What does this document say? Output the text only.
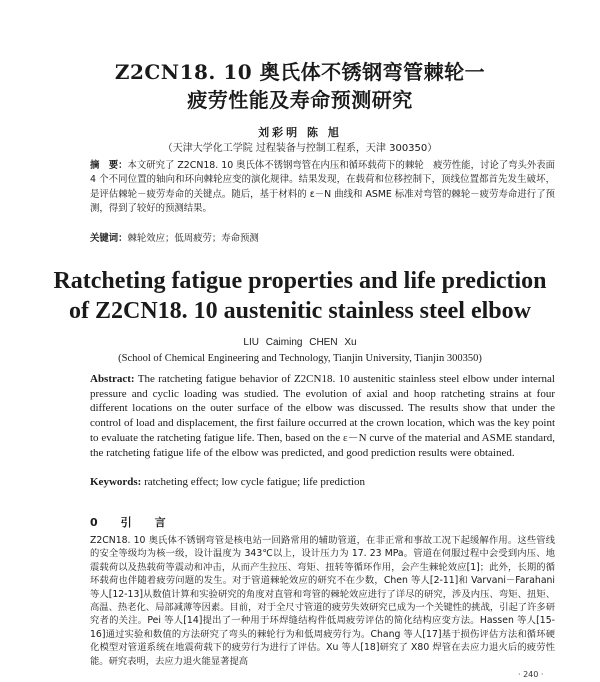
Z2CN18. 10 奥氏体不锈钢弯管棘轮一
疲劳性能及寿命预测研究
刘彩明 陈 旭
（天津大学化工学院 过程装备与控制工程系，天津 300350）
摘　要：本文研究了 Z2CN18. 10 奥氏体不锈钢弯管在内压和循环载荷下的棘轮　疲劳性能，讨论了弯头外表面 4 个不同位置的轴向和环向棘轮应变的演化规律。结果发现，在载荷和位移控制下，顶线位置都首先发生破坏，是评估棘轮－疲劳寿命的关键点。随后，基于材料的 ε－N 曲线和 ASME 标准对弯管的棘轮－疲劳寿命进行了预测，得到了较好的预测结果。
关键词：棘轮效应；低周疲劳；寿命预测
Ratcheting fatigue properties and life prediction
of Z2CN18. 10 austenitic stainless steel elbow
LIU Caiming CHEN Xu
(School of Chemical Engineering and Technology, Tianjin University, Tianjin 300350)
Abstract: The ratcheting fatigue behavior of Z2CN18. 10 austenitic stainless steel elbow under internal pressure and cyclic loading was studied. The evolution of axial and hoop ratcheting strains at four different locations on the outer surface of the elbow was discussed. The results show that under the control of load and displacement, the first failure occurred at the crown location, which was the key point to evaluate the ratcheting fatigue life. Then, based on the ε－N curve of the material and ASME standard, the ratcheting fatigue life of the elbow was predicted, and good prediction results were obtained.
Keywords: ratcheting effect; low cycle fatigue; life prediction
0　引　言
Z2CN18. 10 奥氏体不锈钢弯管是核电站一回路常用的辅助管道，在非正常和事故工况下起缓解作用。这些管线的安全等级均为核一级，设计温度为 343℃以上，设计压力为 17. 23 MPa。管道在伺服过程中会受到内压、地震载荷以及热载荷等震动和冲击，从而产生拉压、弯矩、扭转等循环作用，会产生棘轮效应[1]；此外，长期的循环载荷也伴随着疲劳问题的发生。对于管道棘轮效应的研究不在少数，Chen 等人[2-11]和 Varvani－Farahani 等人[12-13]从数值计算和实验研究的角度对直管和弯管的棘轮效应进行了详尽的研究，涉及内压、弯矩、扭矩、高温、热老化、局部减薄等因素。目前，对于全尺寸管道的疲劳失效研究已成为一个关键性的挑战，引起了许多研究者的关注。Pei 等人[14]提出了一种用于环焊缝结构件低周疲劳评估的简化结构应变方法。Hassen 等人[15-16]通过实验和数值的方法研究了弯头的棘轮行为和低周疲劳行为。Chang 等人[17]基于损伤评估方法和循环硬化模型对管道系统在地震荷载下的疲劳行为进行了评估。Xu 等人[18]研究了 X80 焊管在去应力退火后的疲劳性能。研究表明，去应力退火能显著提高
· 240 ·
